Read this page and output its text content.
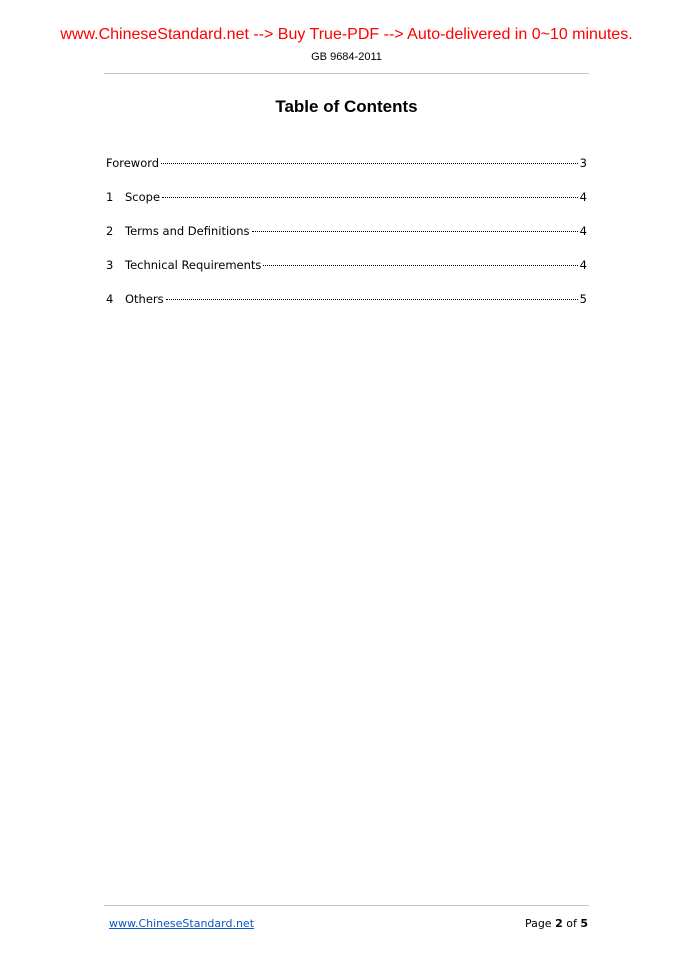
www.ChineseStandard.net --> Buy True-PDF --> Auto-delivered in 0~10 minutes.
GB 9684-2011
Table of Contents
Foreword	3
1	Scope	4
2	Terms and Definitions	4
3	Technical Requirements	4
4	Others	5
www.ChineseStandard.net	Page 2 of 5
